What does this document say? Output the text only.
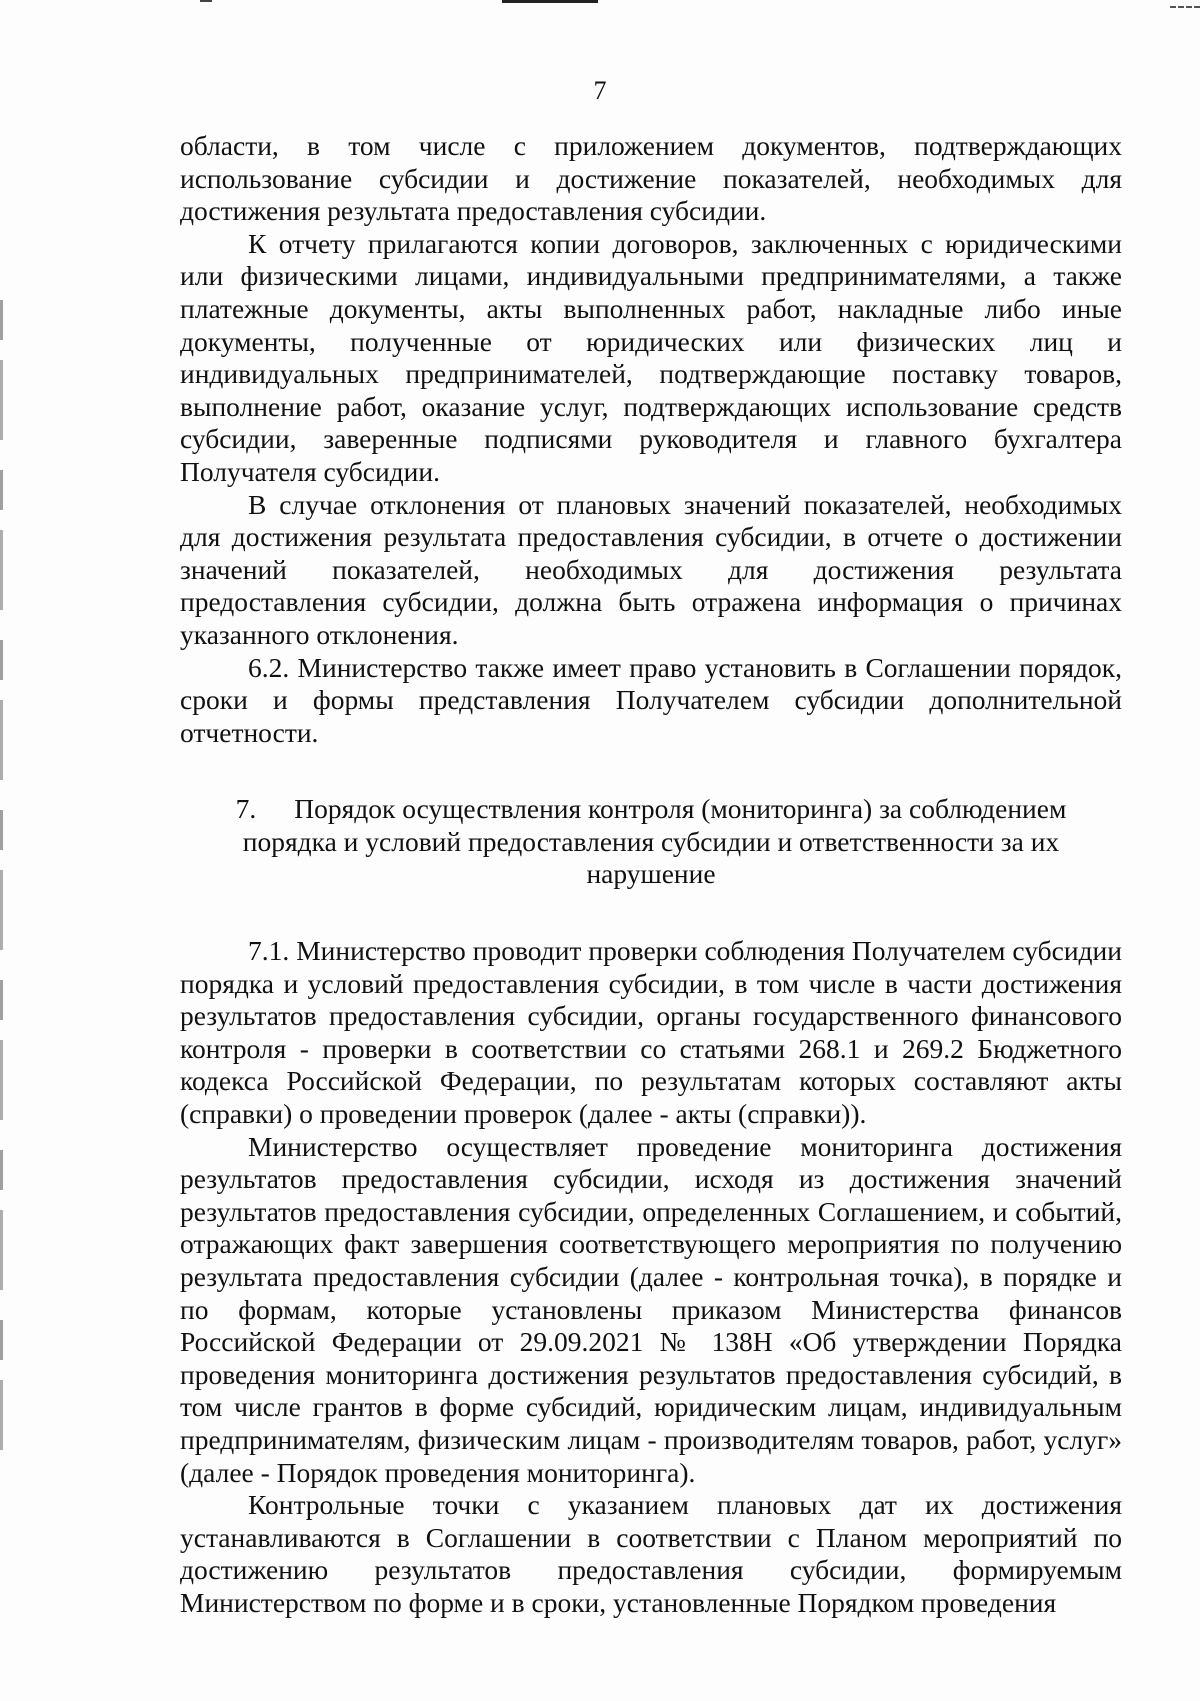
7

области, в том числе с приложением документов, подтверждающих использование субсидии и достижение показателей, необходимых для достижения результата предоставления субсидии.

К отчету прилагаются копии договоров, заключенных с юридическими или физическими лицами, индивидуальными предпринимателями, а также платежные документы, акты выполненных работ, накладные либо иные документы, полученные от юридических или физических лиц и индивидуальных предпринимателей, подтверждающие поставку товаров, выполнение работ, оказание услуг, подтверждающих использование средств субсидии, заверенные подписями руководителя и главного бухгалтера Получателя субсидии.

В случае отклонения от плановых значений показателей, необходимых для достижения результата предоставления субсидии, в отчете о достижении значений показателей, необходимых для достижения результата предоставления субсидии, должна быть отражена информация о причинах указанного отклонения.

6.2. Министерство также имеет право установить в Соглашении порядок, сроки и формы представления Получателем субсидии дополнительной отчетности.

7. Порядок осуществления контроля (мониторинга) за соблюдением порядка и условий предоставления субсидии и ответственности за их нарушение

7.1. Министерство проводит проверки соблюдения Получателем субсидии порядка и условий предоставления субсидии, в том числе в части достижения результатов предоставления субсидии, органы государственного финансового контроля - проверки в соответствии со статьями 268.1 и 269.2 Бюджетного кодекса Российской Федерации, по результатам которых составляют акты (справки) о проведении проверок (далее - акты (справки)).

Министерство осуществляет проведение мониторинга достижения результатов предоставления субсидии, исходя из достижения значений результатов предоставления субсидии, определенных Соглашением, и событий, отражающих факт завершения соответствующего мероприятия по получению результата предоставления субсидии (далее - контрольная точка), в порядке и по формам, которые установлены приказом Министерства финансов Российской Федерации от 29.09.2021 № 138Н «Об утверждении Порядка проведения мониторинга достижения результатов предоставления субсидий, в том числе грантов в форме субсидий, юридическим лицам, индивидуальным предпринимателям, физическим лицам - производителям товаров, работ, услуг» (далее - Порядок проведения мониторинга).

Контрольные точки с указанием плановых дат их достижения устанавливаются в Соглашении в соответствии с Планом мероприятий по достижению результатов предоставления субсидии, формируемым Министерством по форме и в сроки, установленные Порядком проведения
